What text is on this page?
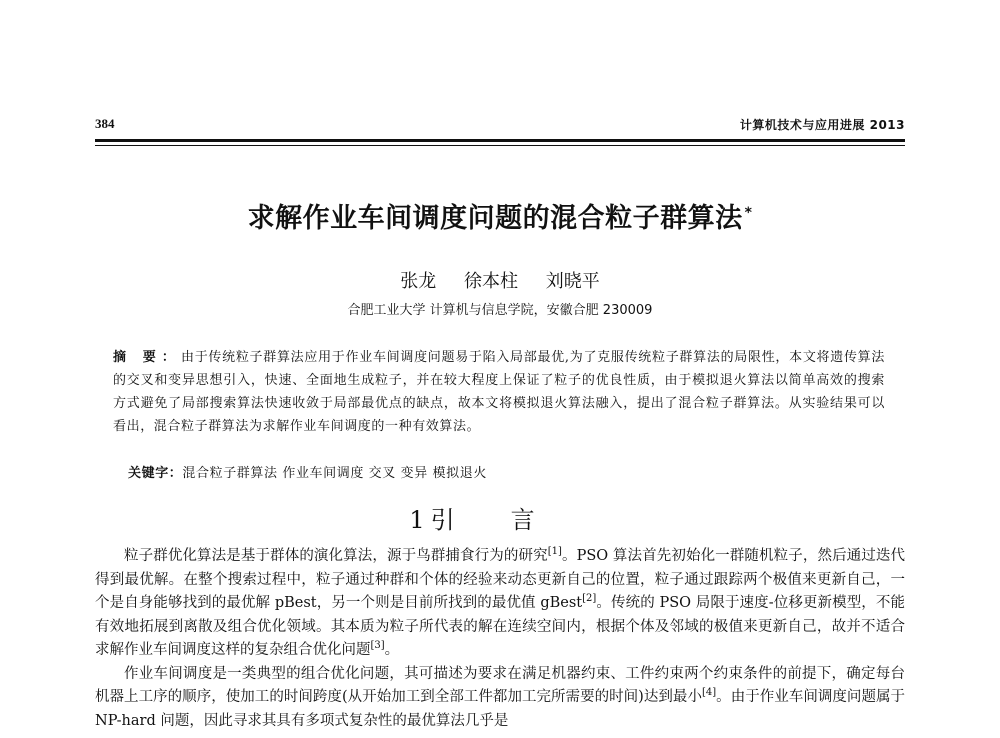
384	计算机技术与应用进展 2013
求解作业车间调度问题的混合粒子群算法 *
张龙 徐本柱 刘晓平
合肥工业大学 计算机与信息学院，安徽合肥 230009
摘 要：由于传统粒子群算法应用于作业车间调度问题易于陷入局部最优,为了克服传统粒子群算法的局限性，本文将遗传算法的交叉和变异思想引入，快速、全面地生成粒子，并在较大程度上保证了粒子的优良性质，由于模拟退火算法以简单高效的搜索方式避免了局部搜索算法快速收敛于局部最优点的缺点，故本文将模拟退火算法融入，提出了混合粒子群算法。从实验结果可以看出，混合粒子群算法为求解作业车间调度的一种有效算法。
关键字：混合粒子群算法 作业车间调度 交叉 变异 模拟退火
1 引言

粒子群优化算法是基于群体的演化算法，源于鸟群捕食行为的研究[1]。PSO 算法首先初始化一群随机粒子，然后通过迭代得到最优解。在整个搜索过程中，粒子通过种群和个体的经验来动态更新自己的位置，粒子通过跟踪两个极值来更新自己，一个是自身能够找到的最优解 pBest，另一个则是目前所找到的最优值 gBest[2]。传统的 PSO 局限于速度-位移更新模型，不能有效地拓展到离散及组合优化领域。其本质为粒子所代表的解在连续空间内，根据个体及邻域的极值来更新自己，故并不适合求解作业车间调度这样的复杂组合优化问题[3]。

作业车间调度是一类典型的组合优化问题，其可描述为要求在满足机器约束、工件约束两个约束条件的前提下，确定每台机器上工序的顺序，使加工的时间跨度(从开始加工到全部工件都加工完所需要的时间)达到最小[4]。由于作业车间调度问题属于 NP-hard 问题，因此寻求其具有多项式复杂性的最优算法几乎是
